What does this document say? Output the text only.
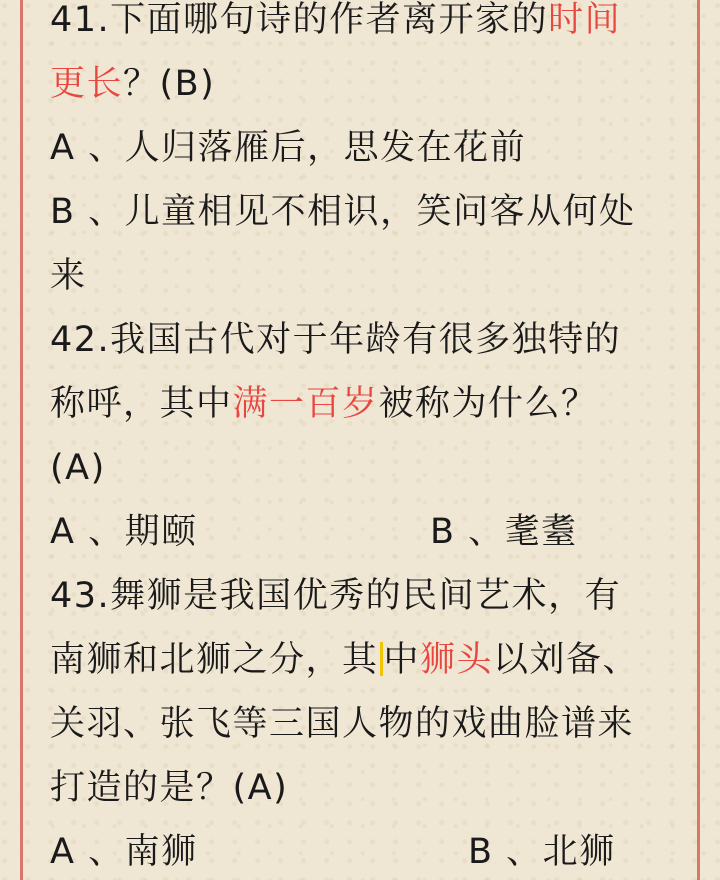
41.下面哪句诗的作者离开家的时间
更长？(B)
A 、人归落雁后，思发在花前
B 、儿童相见不相识，笑问客从何处
来
42.我国古代对于年龄有很多独特的
称呼，其中满一百岁被称为什么？
(A)
A 、期颐	B 、耄耋
43.舞狮是我国优秀的民间艺术，有
南狮和北狮之分，其 中狮头以刘备、
关羽、张飞等三国人物的戏曲脸谱来
打造的是？(A)
A 、南狮	B 、北狮
